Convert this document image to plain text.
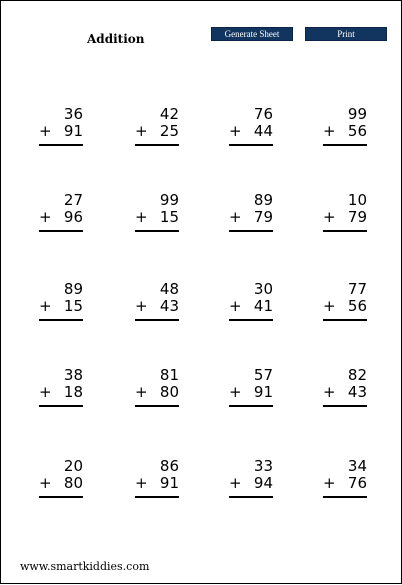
Addition	Generate Sheet	Print
36
+ 91
42
+ 25
76
+ 44
99
+ 56
27
+ 96
99
+ 15
89
+ 79
10
+ 79
89
+ 15
48
+ 43
30
+ 41
77
+ 56
38
+ 18
81
+ 80
57
+ 91
82
+ 43
20
+ 80
86
+ 91
33
+ 94
34
+ 76
www.smartkiddies.com
